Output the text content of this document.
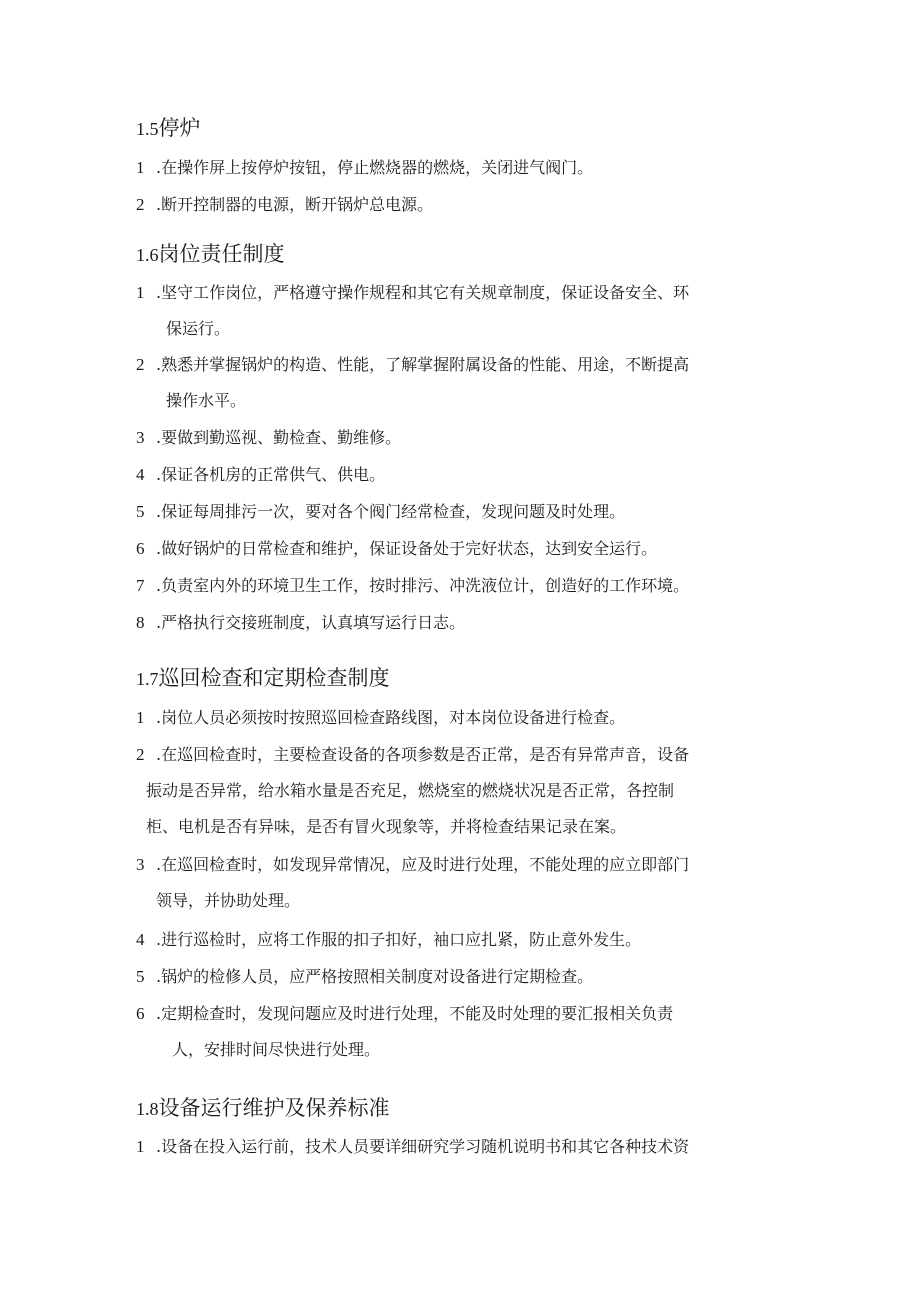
1.5停炉
1 .在操作屏上按停炉按钮，停止燃烧器的燃烧，关闭进气阀门。
2 .断开控制器的电源，断开锅炉总电源。
1.6岗位责任制度
1 .坚守工作岗位，严格遵守操作规程和其它有关规章制度，保证设备安全、环
保运行。
2 .熟悉并掌握锅炉的构造、性能，了解掌握附属设备的性能、用途，不断提高
操作水平。
3 .要做到勤巡视、勤检查、勤维修。
4 .保证各机房的正常供气、供电。
5 .保证每周排污一次，要对各个阀门经常检查，发现问题及时处理。
6 .做好锅炉的日常检查和维护，保证设备处于完好状态，达到安全运行。
7 .负责室内外的环境卫生工作，按时排污、冲洗液位计，创造好的工作环境。
8 .严格执行交接班制度，认真填写运行日志。
1.7巡回检查和定期检查制度
1 .岗位人员必须按时按照巡回检查路线图，对本岗位设备进行检查。
2 .在巡回检查时，主要检查设备的各项参数是否正常，是否有异常声音，设备
振动是否异常，给水箱水量是否充足，燃烧室的燃烧状况是否正常，各控制
柜、电机是否有异味，是否有冒火现象等，并将检查结果记录在案。
3 .在巡回检查时，如发现异常情况，应及时进行处理，不能处理的应立即部门
领导，并协助处理。
4 .进行巡检时，应将工作服的扣子扣好，袖口应扎紧，防止意外发生。
5 .锅炉的检修人员，应严格按照相关制度对设备进行定期检查。
6 .定期检查时，发现问题应及时进行处理，不能及时处理的要汇报相关负责
人，安排时间尽快进行处理。
1.8设备运行维护及保养标准
1 .设备在投入运行前，技术人员要详细研究学习随机说明书和其它各种技术资
